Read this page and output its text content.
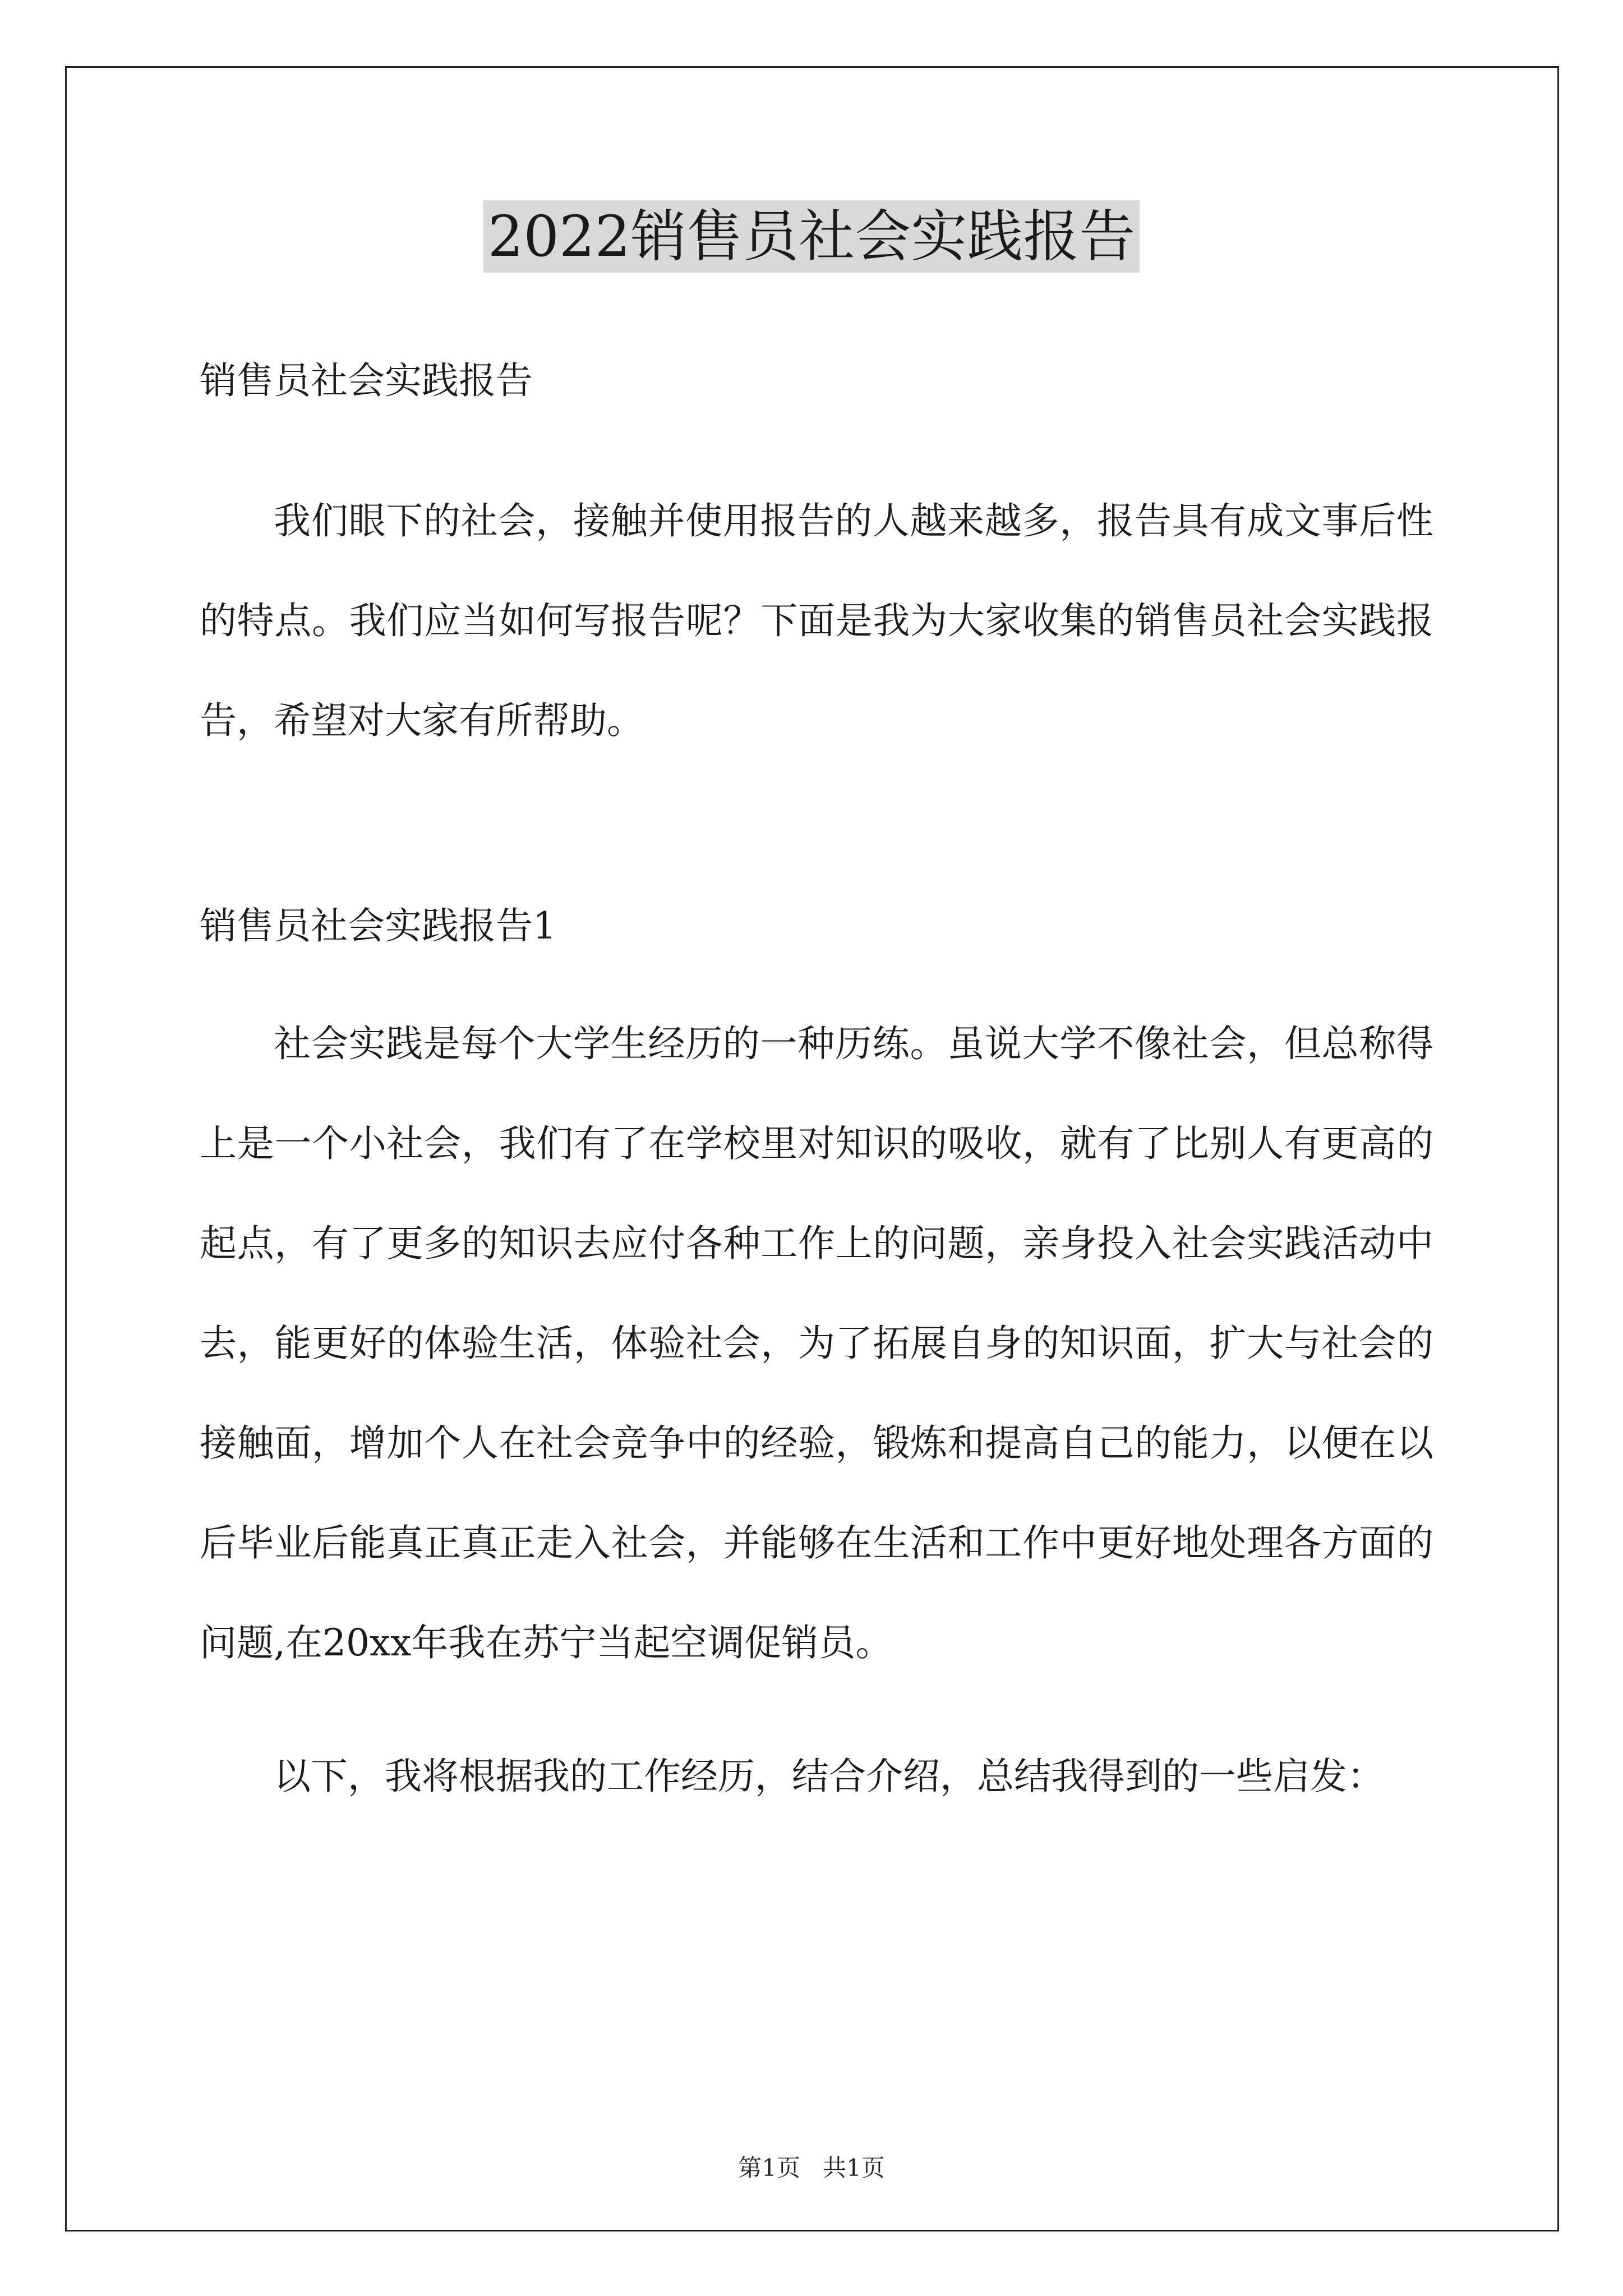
2022销售员社会实践报告

销售员社会实践报告

我们眼下的社会，接触并使用报告的人越来越多，报告具有成文事后性的特点。我们应当如何写报告呢？下面是我为大家收集的销售员社会实践报告，希望对大家有所帮助。

销售员社会实践报告1

社会实践是每个大学生经历的一种历练。虽说大学不像社会，但总称得上是一个小社会，我们有了在学校里对知识的吸收，就有了比别人有更高的起点，有了更多的知识去应付各种工作上的问题，亲身投入社会实践活动中去，能更好的体验生活，体验社会，为了拓展自身的知识面，扩大与社会的接触面，增加个人在社会竞争中的经验，锻炼和提高自己的能力，以便在以后毕业后能真正真正走入社会，并能够在生活和工作中更好地处理各方面的问题,在20xx年我在苏宁当起空调促销员。

以下，我将根据我的工作经历，结合介绍，总结我得到的一些启发：

第1页 共1页
